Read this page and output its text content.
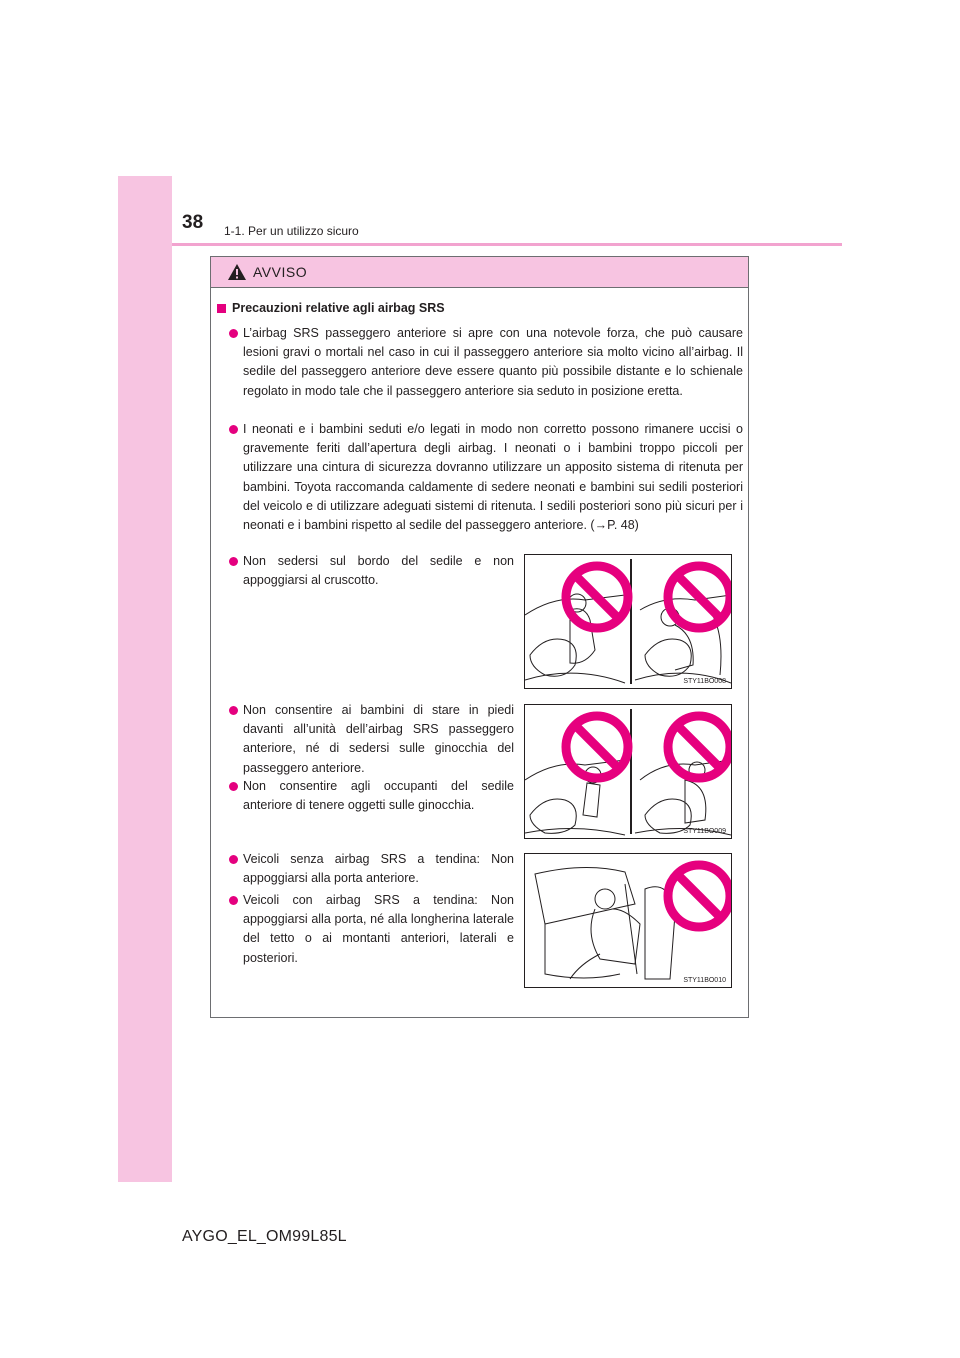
38 1-1. Per un utilizzo sicuro
AVVISO
Precauzioni relative agli airbag SRS
L’airbag SRS passeggero anteriore si apre con una notevole forza, che può causare lesioni gravi o mortali nel caso in cui il passeggero anteriore sia molto vicino all’airbag. Il sedile del passeggero anteriore deve essere quanto più possibile distante e lo schienale regolato in modo tale che il passeggero anteriore sia seduto in posizione eretta.
I neonati e i bambini seduti e/o legati in modo non corretto possono rimanere uccisi o gravemente feriti dall’apertura degli airbag. I neonati o i bambini troppo piccoli per utilizzare una cintura di sicurezza dovranno utilizzare un apposito sistema di ritenuta per bambini. Toyota raccomanda caldamente di sedere neonati e bambini sui sedili posteriori del veicolo e di utilizzare adeguati sistemi di ritenuta. I sedili posteriori sono più sicuri per i neonati e i bambini rispetto al sedile del passeggero anteriore. (→P. 48)
Non sedersi sul bordo del sedile e non appoggiarsi al cruscotto.
Non consentire ai bambini di stare in piedi davanti all’unità dell’airbag SRS passeggero anteriore, né di sedersi sulle ginocchia del passeggero anteriore.
Non consentire agli occupanti del sedile anteriore di tenere oggetti sulle ginocchia.
Veicoli senza airbag SRS a tendina: Non appoggiarsi alla porta anteriore.
Veicoli con airbag SRS a tendina: Non appoggiarsi alla porta, né alla longherina laterale del tetto o ai montanti anteriori, laterali e posteriori.
STY11BO008
STY11BO009
STY11BO010
AYGO_EL_OM99L85L
